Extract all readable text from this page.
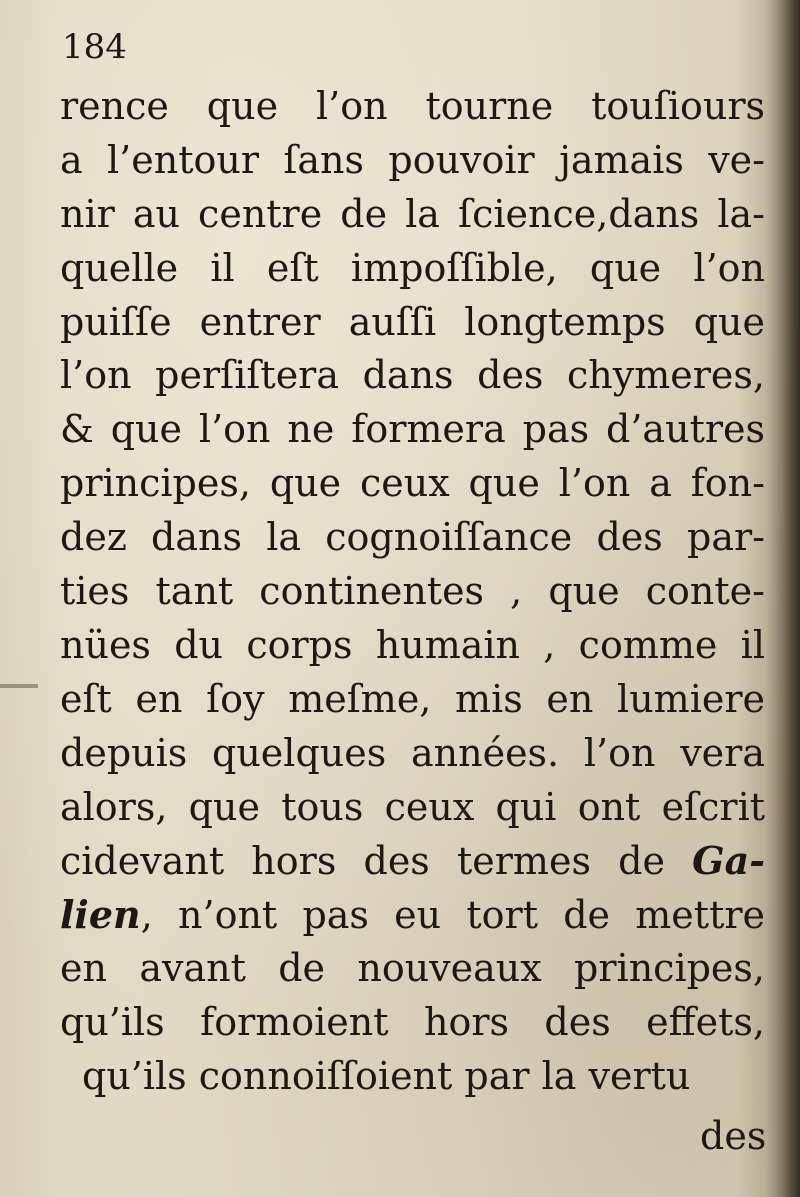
184
rence que l’on tourne touſiours
a l’entour ſans pouvoir jamais ve-
nir au centre de la ſcience,dans la-
quelle il eſt impoſſible, que l’on
puiſſe entrer auſſi longtemps que
l’on perſiſtera dans des chymeres,
& que l’on ne formera pas d’autres
principes, que ceux que l’on a fon-
dez dans la cognoiſſance des par-
ties tant continentes , que conte-
nües du corps humain , comme il
eſt en ſoy meſme, mis en lumiere
depuis quelques années. l’on vera
alors, que tous ceux qui ont eſcrit
cidevant hors des termes de Ga-
lien, n’ont pas eu tort de mettre
en avant de nouveaux principes,
qu’ils formoient hors des effets,
qu’ils connoiſſoient par la vertu
des
